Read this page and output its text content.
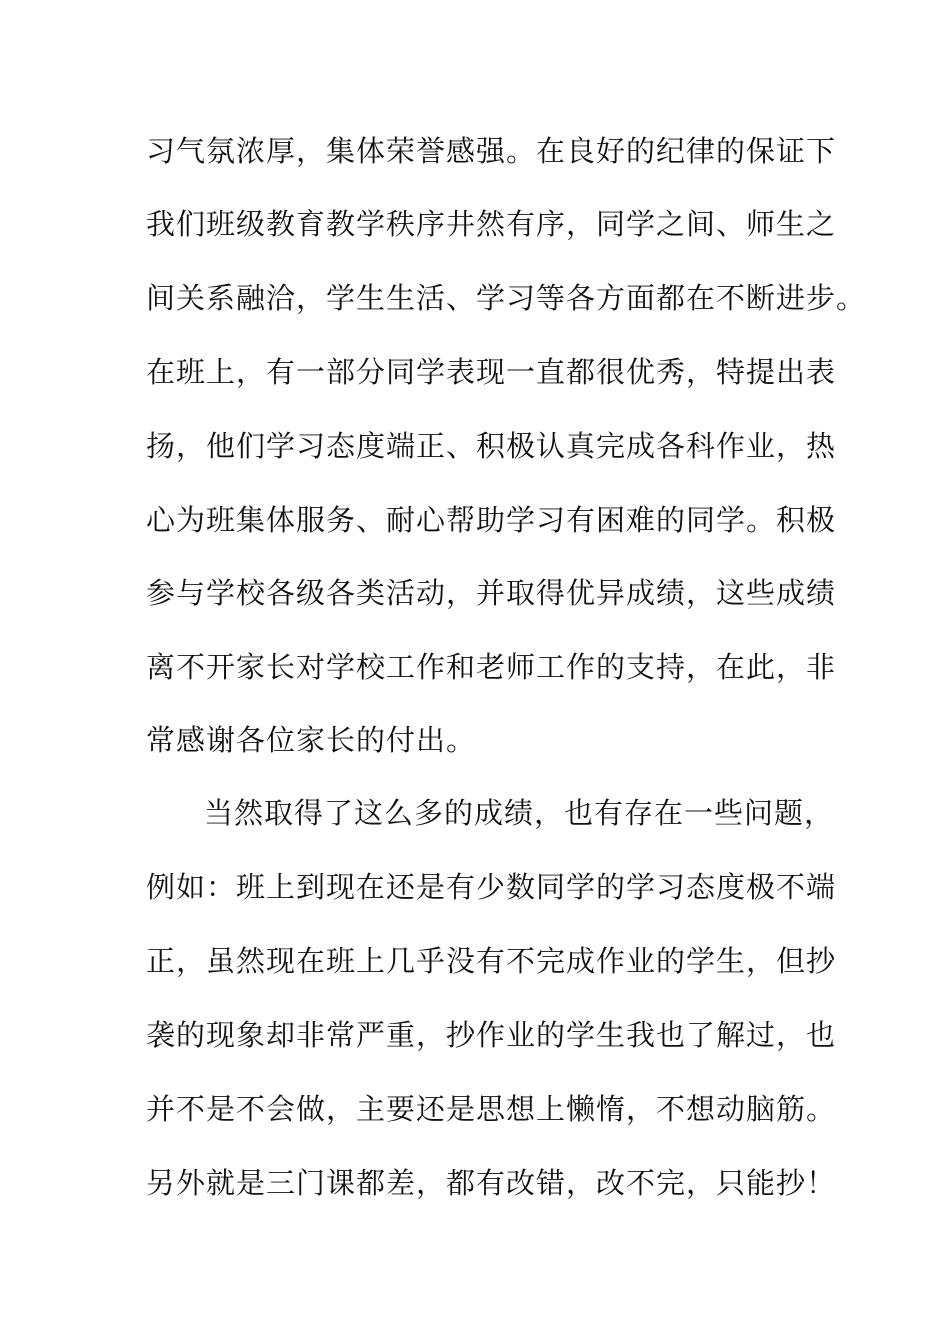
习气氛浓厚，集体荣誉感强。在良好的纪律的保证下
我们班级教育教学秩序井然有序，同学之间、师生之
间关系融洽，学生生活、学习等各方面都在不断进步。
在班上，有一部分同学表现一直都很优秀，特提出表
扬，他们学习态度端正、积极认真完成各科作业，热
心为班集体服务、耐心帮助学习有困难的同学。积极
参与学校各级各类活动，并取得优异成绩，这些成绩
离不开家长对学校工作和老师工作的支持，在此，非
常感谢各位家长的付出。
当然取得了这么多的成绩，也有存在一些问题，
例如：班上到现在还是有少数同学的学习态度极不端
正，虽然现在班上几乎没有不完成作业的学生，但抄
袭的现象却非常严重，抄作业的学生我也了解过，也
并不是不会做，主要还是思想上懒惰，不想动脑筋。
另外就是三门课都差，都有改错，改不完，只能抄！
